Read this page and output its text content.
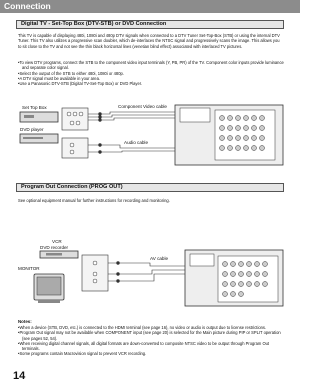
Connection
Digital TV - Set-Top Box (DTV-STB) or DVD Connection

This TV is capable of displaying 480i, 1080i and 480p DTV signals when connected to a DTV Tuner Set-Top-Box (STB) or using the internal DTV Tuner. This TV also utilizes a progressive scan doubler, which de-interlaces the NTSC signal and progressively scans the image. This allows you to sit close to the TV and not see the thin black horizontal lines (venetian blind effect) associated with interlaced TV pictures.

• To view DTV programs, connect the STB to the component video input terminals (Y, PB, PR) of the TV. Component color inputs provide luminance and separate color signal.
• Select the output of the STB to either 480i, 1080i or 480p.
• A DTV signal must be available in your area.
• Use a Panasonic DTV-STB (Digital TV-Set-Top Box) or DVD Player.
Set Top Box	Component Video cable
DVD player
Audio cable
Program Out Connection (PROG OUT)

See optional equipment manual for further instructions for recording and monitoring.

VCR
DVD recorder
MONITOR
AV cable
Notes:
• When a device (STB, DVD, etc.) is connected to the HDMI terminal (see page 16), no video or audio is output due to license restrictions.
• Program Out signal may not be available when COMPONENT input (see page 20) is selected for the Main picture during PIP or SPLIT operation (see pages 52, 54).
• When receiving digital channel signals, all digital formats are down-converted to composite NTSC video to be output through Program Out terminals.
• Some programs contain Macrovision signal to prevent VCR recording.
14
